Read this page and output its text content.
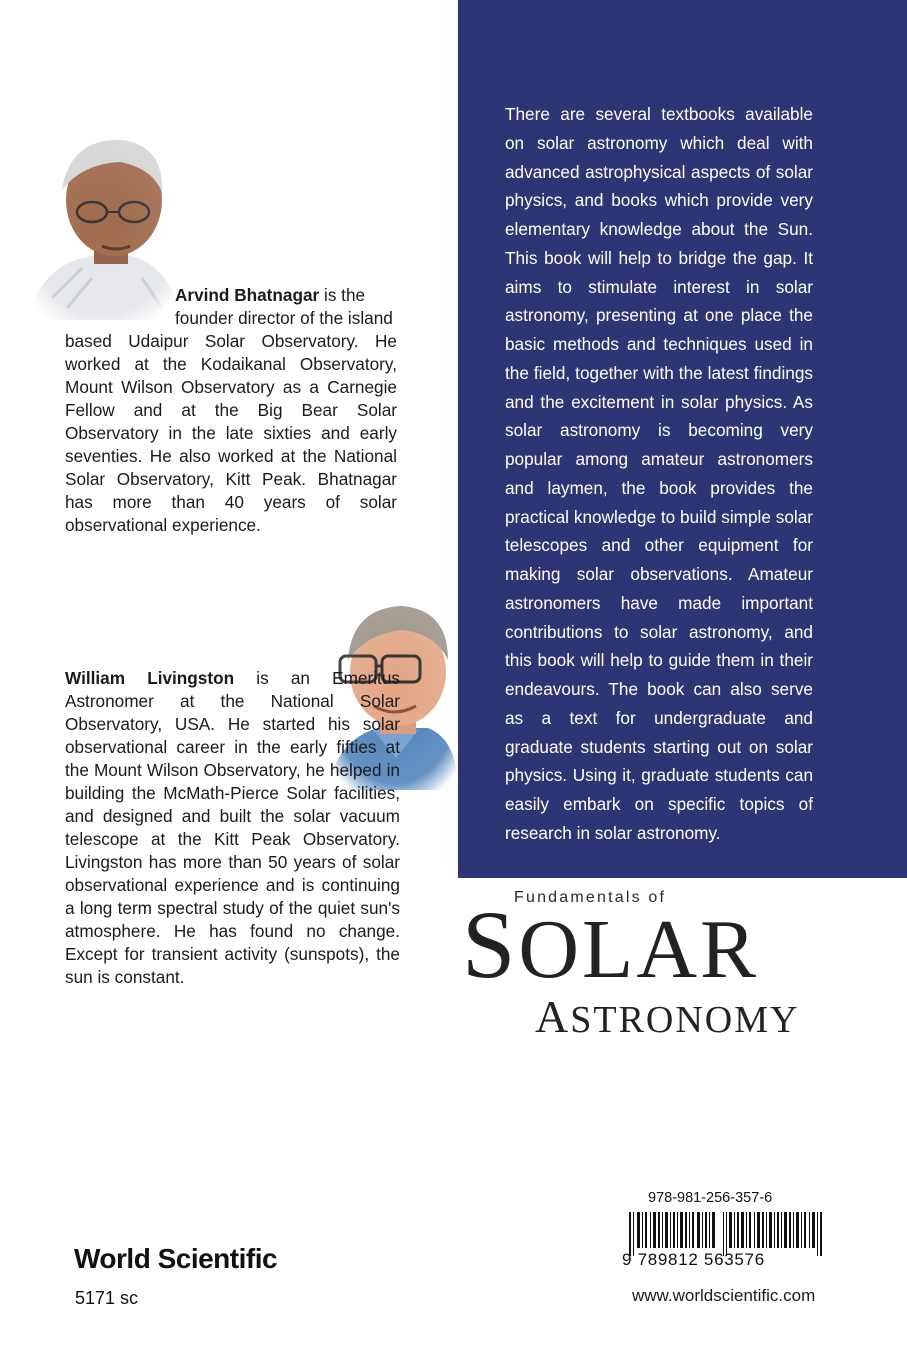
There are several textbooks available on solar astronomy which deal with advanced astrophysical aspects of solar physics, and books which provide very elementary knowledge about the Sun. This book will help to bridge the gap. It aims to stimulate interest in solar astronomy, presenting at one place the basic methods and techniques used in the field, together with the latest findings and the excitement in solar physics. As solar astronomy is becoming very popular among amateur astronomers and laymen, the book provides the practical knowledge to build simple solar telescopes and other equipment for making solar observations. Amateur astronomers have made important contributions to solar astronomy, and this book will help to guide them in their endeavours. The book can also serve as a text for undergraduate and graduate students starting out on solar physics. Using it, graduate students can easily embark on specific topics of research in solar astronomy.

Arvind Bhatnagar is the
founder director of the island
based Udaipur Solar Observatory. He worked at the Kodaikanal Observatory, Mount Wilson Observatory as a Carnegie Fellow and at the Big Bear Solar Observatory in the late sixties and early seventies. He also worked at the National Solar Observatory, Kitt Peak. Bhatnagar has more than 40 years of solar observational experience.

William Livingston is an Emeritus Astronomer at the National Solar Observatory, USA. He started his solar observational career in the early fifties at the Mount Wilson Observatory, he helped in building the McMath-Pierce Solar facilities, and designed and built the solar vacuum telescope at the Kitt Peak Observatory. Livingston has more than 50 years of solar observational experience and is continuing a long term spectral study of the quiet sun's atmosphere. He has found no change. Except for transient activity (sunspots), the sun is constant.

Fundamentals of
SOLAR
ASTRONOMY
978-981-256-357-6
9 789812 563576
World Scientific
5171 sc	www.worldscientific.com
